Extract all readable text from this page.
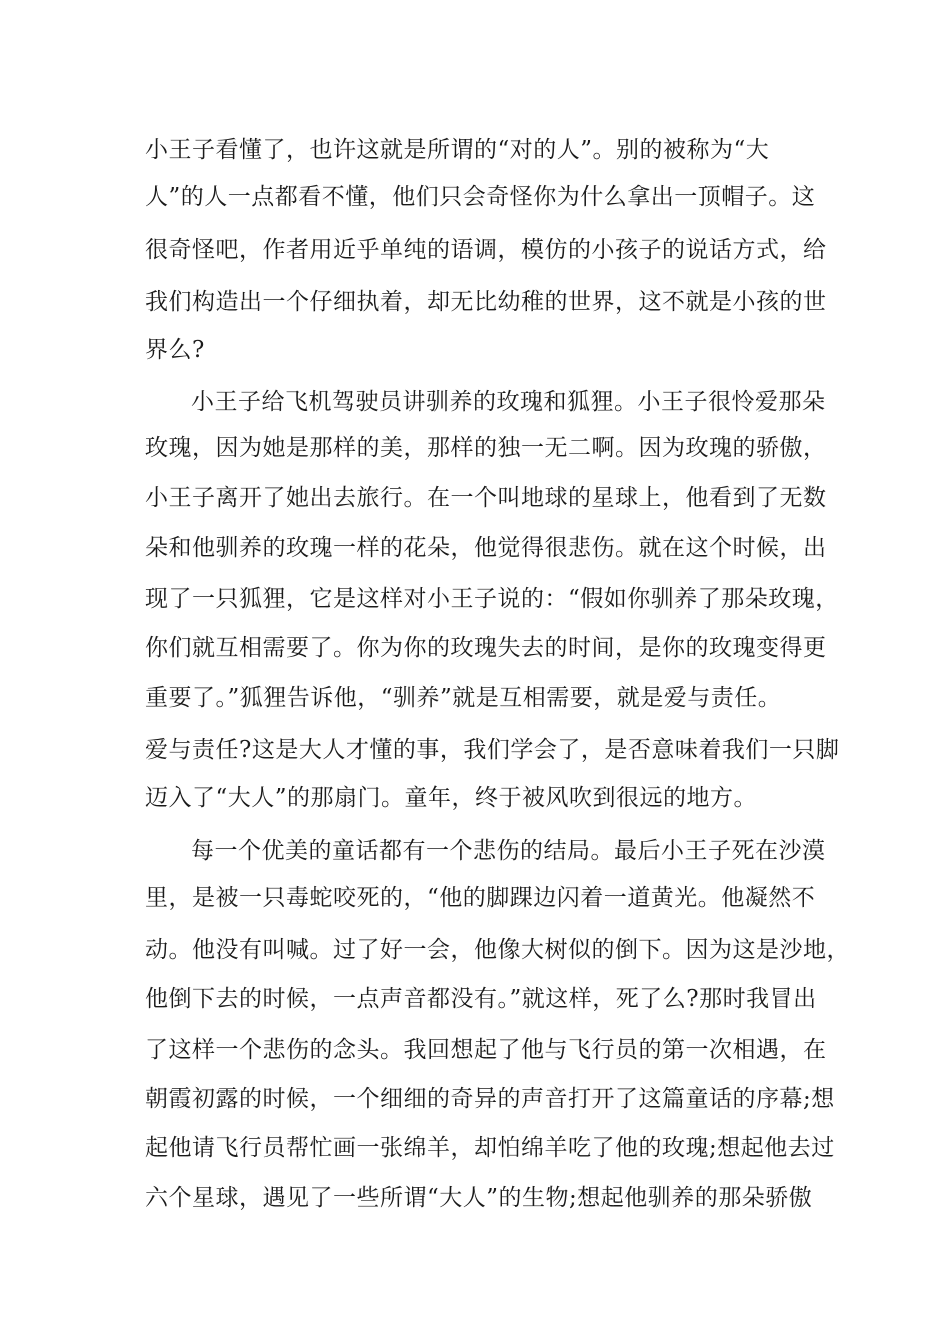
小王子看懂了，也许这就是所谓的“对的人”。别的被称为“大
人”的人一点都看不懂，他们只会奇怪你为什么拿出一顶帽子。这
很奇怪吧，作者用近乎单纯的语调，模仿的小孩子的说话方式，给
我们构造出一个仔细执着，却无比幼稚的世界，这不就是小孩的世
界么?
小王子给飞机驾驶员讲驯养的玫瑰和狐狸。小王子很怜爱那朵
玫瑰，因为她是那样的美，那样的独一无二啊。因为玫瑰的骄傲，
小王子离开了她出去旅行。在一个叫地球的星球上，他看到了无数
朵和他驯养的玫瑰一样的花朵，他觉得很悲伤。就在这个时候，出
现了一只狐狸，它是这样对小王子说的：“假如你驯养了那朵玫瑰，
你们就互相需要了。你为你的玫瑰失去的时间，是你的玫瑰变得更
重要了。”狐狸告诉他，“驯养”就是互相需要，就是爱与责任。
爱与责任?这是大人才懂的事，我们学会了，是否意味着我们一只脚
迈入了“大人”的那扇门。童年，终于被风吹到很远的地方。
每一个优美的童话都有一个悲伤的结局。最后小王子死在沙漠
里，是被一只毒蛇咬死的，“他的脚踝边闪着一道黄光。他凝然不
动。他没有叫喊。过了好一会，他像大树似的倒下。因为这是沙地，
他倒下去的时候，一点声音都没有。”就这样，死了么?那时我冒出
了这样一个悲伤的念头。我回想起了他与飞行员的第一次相遇，在
朝霞初露的时候，一个细细的奇异的声音打开了这篇童话的序幕;想
起他请飞行员帮忙画一张绵羊，却怕绵羊吃了他的玫瑰;想起他去过
六个星球，遇见了一些所谓“大人”的生物;想起他驯养的那朵骄傲
